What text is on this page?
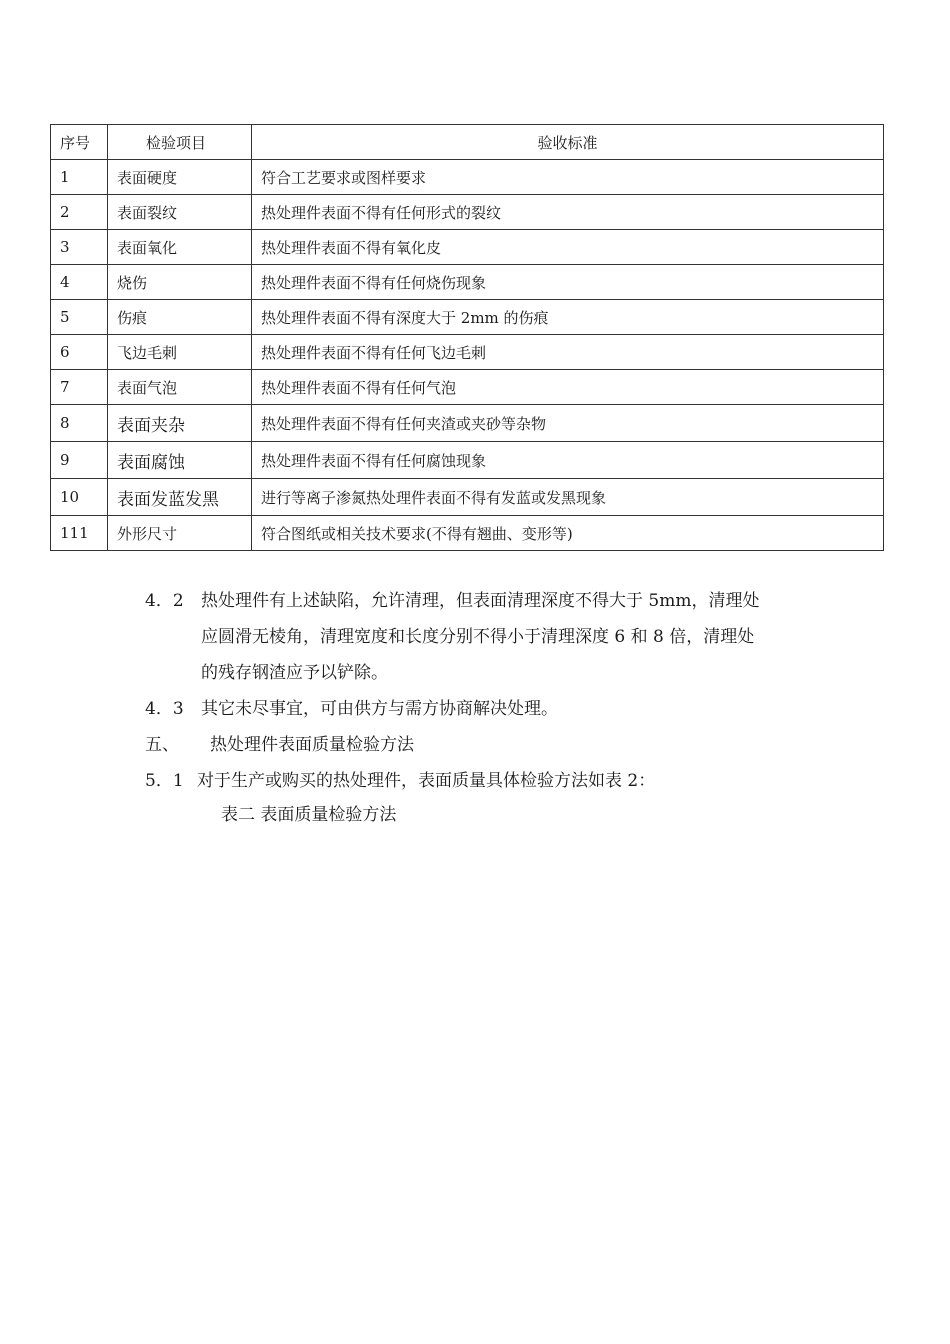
序号	检验项目	验收标准
1	表面硬度	符合工艺要求或图样要求
2	表面裂纹	热处理件表面不得有任何形式的裂纹
3	表面氧化	热处理件表面不得有氧化皮
4	烧伤	热处理件表面不得有任何烧伤现象
5	伤痕	热处理件表面不得有深度大于 2mm 的伤痕
6	飞边毛刺	热处理件表面不得有任何飞边毛刺
7	表面气泡	热处理件表面不得有任何气泡
8	表面夹杂	热处理件表面不得有任何夹渣或夹砂等杂物
9	表面腐蚀	热处理件表面不得有任何腐蚀现象
10	表面发蓝发黑	进行等离子渗氮热处理件表面不得有发蓝或发黑现象
111	外形尺寸	符合图纸或相关技术要求(不得有翘曲、变形等)
4．2 热处理件有上述缺陷，允许清理，但表面清理深度不得大于 5mm，清理处
应圆滑无棱角，清理宽度和长度分别不得小于清理深度 6 和 8 倍，清理处
的残存钢渣应予以铲除。
4．3 其它未尽事宜，可由供方与需方协商解决处理。
五、 热处理件表面质量检验方法
5．1 对于生产或购买的热处理件，表面质量具体检验方法如表 2：
表二 表面质量检验方法
